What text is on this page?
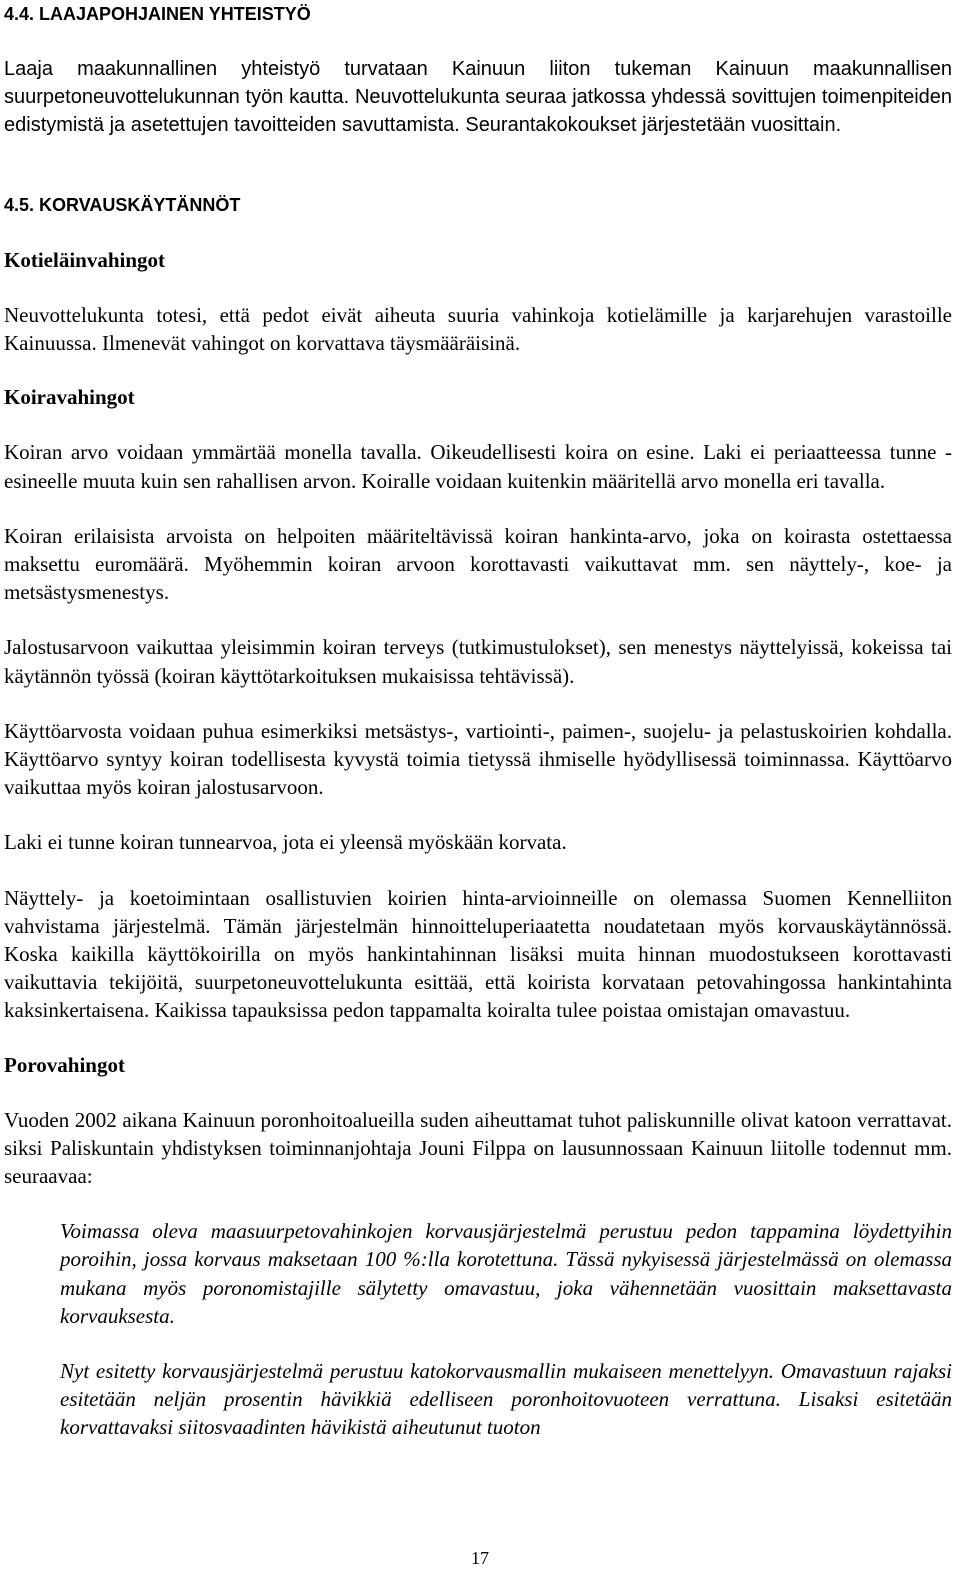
4.4. LAAJAPOHJAINEN YHTEISTYÖ

Laaja maakunnallinen yhteistyö turvataan Kainuun liiton tukeman Kainuun maakunnallisen suurpetoneuvottelukunnan työn kautta. Neuvottelukunta seuraa jatkossa yhdessä sovittujen toimenpiteiden edistymistä ja asetettujen tavoitteiden savuttamista. Seurantakokoukset järjestetään vuosittain.

4.5. KORVAUSKÄYTÄNNÖT
Kotieläinvahingot

Neuvottelukunta totesi, että pedot eivät aiheuta suuria vahinkoja kotielämille ja karjarehujen varastoille Kainuussa. Ilmenevät vahingot on korvattava täysmääräisinä.

Koiravahingot

Koiran arvo voidaan ymmärtää monella tavalla. Oikeudellisesti koira on esine. Laki ei periaatteessa tunne -esineelle muuta kuin sen rahallisen arvon. Koiralle voidaan kuitenkin määritellä arvo monella eri tavalla.

Koiran erilaisista arvoista on helpoiten määriteltävissä koiran hankinta-arvo, joka on koirasta ostettaessa maksettu euromäärä. Myöhemmin koiran arvoon korottavasti vaikuttavat mm. sen näyttely-, koe- ja metsästysmenestys.

Jalostusarvoon vaikuttaa yleisimmin koiran terveys (tutkimustulokset), sen menestys näyttelyissä, kokeissa tai käytännön työssä (koiran käyttötarkoituksen mukaisissa tehtävissä).

Käyttöarvosta voidaan puhua esimerkiksi metsästys-, vartiointi-, paimen-, suojelu- ja pelastuskoirien kohdalla. Käyttöarvo syntyy koiran todellisesta kyvystä toimia tietyssä ihmiselle hyödyllisessä toiminnassa. Käyttöarvo vaikuttaa myös koiran jalostusarvoon.

Laki ei tunne koiran tunnearvoa, jota ei yleensä myöskään korvata.

Näyttely- ja koetoimintaan osallistuvien koirien hinta-arvioinneille on olemassa Suomen Kennelliiton vahvistama järjestelmä. Tämän järjestelmän hinnoitteluperiaatetta noudatetaan myös korvauskäytännössä. Koska kaikilla käyttökoirilla on myös hankintahinnan lisäksi muita hinnan muodostukseen korottavasti vaikuttavia tekijöitä, suurpetoneuvottelukunta esittää, että koirista korvataan petovahingossa hankintahinta kaksinkertaisena. Kaikissa tapauksissa pedon tappamalta koiralta tulee poistaa omistajan omavastuu.

Porovahingot

Vuoden 2002 aikana Kainuun poronhoitoalueilla suden aiheuttamat tuhot paliskunnille olivat katoon verrattavat. siksi Paliskuntain yhdistyksen toiminnanjohtaja Jouni Filppa on lausunnossaan Kainuun liitolle todennut mm. seuraavaa:

Voimassa oleva maasuurpetovahinkojen korvausjärjestelmä perustuu pedon tappamina löydettyihin poroihin, jossa korvaus maksetaan 100 %:lla korotettuna. Tässä nykyisessä järjestelmässä on olemassa mukana myös poronomistajille sälytetty omavastuu, joka vähennetään vuosittain maksettavasta korvauksesta.

Nyt esitetty korvausjärjestelmä perustuu katokorvausmallin mukaiseen menettelyyn. Omavastuun rajaksi esitetään neljän prosentin hävikkiä edelliseen poronhoitovuoteen verrattuna. Lisaksi esitetään korvattavaksi siitosvaadinten hävikistä aiheutunut tuoton

17
